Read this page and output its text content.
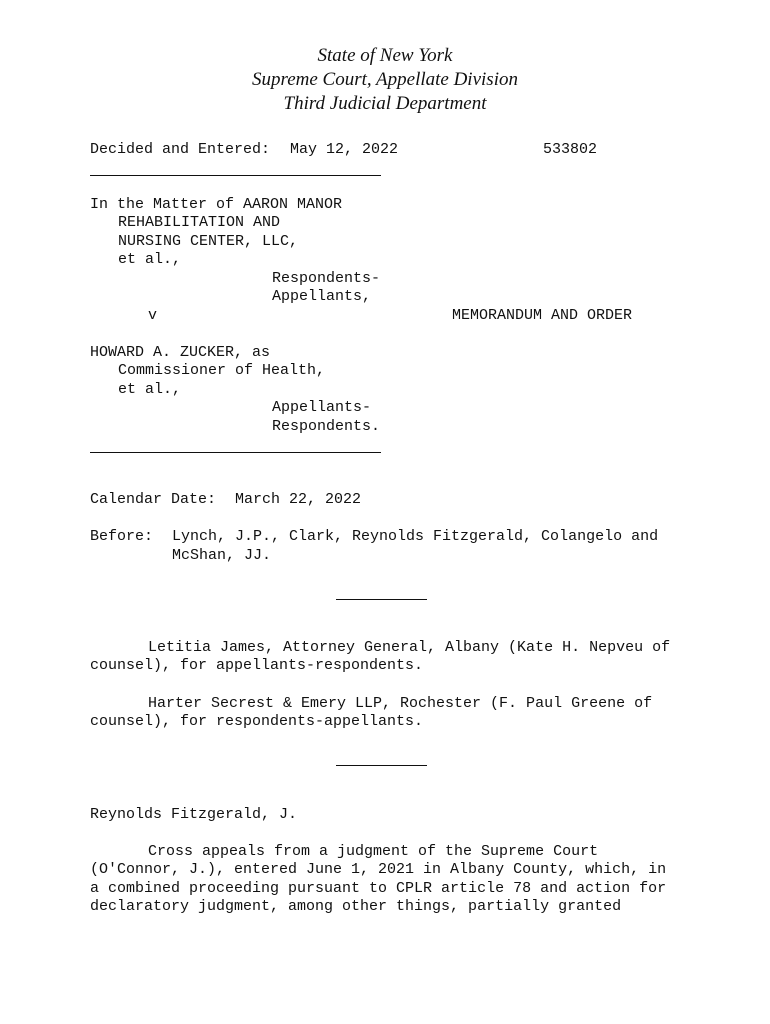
State of New York
Supreme Court, Appellate Division
Third Judicial Department
Decided and Entered: May 12, 2022	533802
In the Matter of AARON MANOR
REHABILITATION AND
NURSING CENTER, LLC,
et al.,
Respondents-
Appellants,
v	MEMORANDUM AND ORDER
HOWARD A. ZUCKER, as
Commissioner of Health,
et al.,
Appellants-
Respondents.
Calendar Date: March 22, 2022
Before: Lynch, J.P., Clark, Reynolds Fitzgerald, Colangelo and
McShan, JJ.
Letitia James, Attorney General, Albany (Kate H. Nepveu of
counsel), for appellants-respondents.
Harter Secrest & Emery LLP, Rochester (F. Paul Greene of
counsel), for respondents-appellants.
Reynolds Fitzgerald, J.
Cross appeals from a judgment of the Supreme Court
(O'Connor, J.), entered June 1, 2021 in Albany County, which, in
a combined proceeding pursuant to CPLR article 78 and action for
declaratory judgment, among other things, partially granted
